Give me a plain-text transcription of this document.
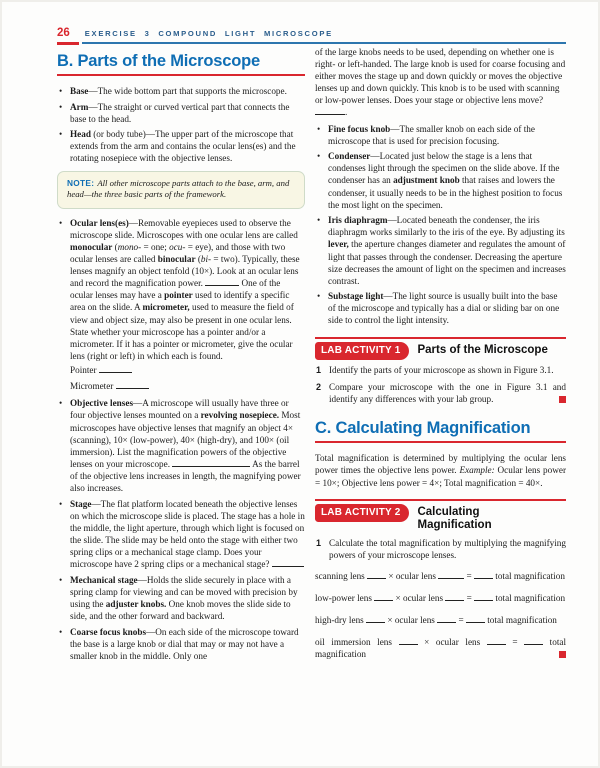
26 EXERCISE 3 COMPOUND LIGHT MICROSCOPE
B. Parts of the Microscope
• Base—The wide bottom part that supports the microscope.
• Arm—The straight or curved vertical part that connects the base to the head.
• Head (or body tube)—The upper part of the microscope that extends from the arm and contains the ocular lens(es) and the rotating nosepiece with the objective lenses.
NOTE: All other microscope parts attach to the base, arm, and head—the three basic parts of the framework.
• Ocular lens(es)—Removable eyepieces used to observe the microscope slide. Microscopes with one ocular lens are called monocular (mono- = one; ocu- = eye), and those with two ocular lenses are called binocular (bi- = two). Typically, these lenses magnify an object tenfold (10×). Look at an ocular lens and record the magnification power.	One of the ocular lenses may have a pointer used to identify a specific area on the slide. A micrometer, used to measure the field of view and object size, may also be present in one ocular lens. State whether your microscope has a pointer and/or a micrometer. If it has a pointer or micrometer, give the ocular lens (right or left) in which each is found.
Pointer
Micrometer
• Objective lenses—A microscope will usually have three or four objective lenses mounted on a revolving nosepiece. Most microscopes have objective lenses that magnify an object 4× (scanning), 10× (low-power), 40× (high-dry), and 100× (oil immersion). List the magnification powers of the objective lenses on your microscope.	As the barrel of the objective lens increases in length, the magnifying power also increases.
• Stage—The flat platform located beneath the objective lenses on which the microscope slide is placed. The stage has a hole in the middle, the light aperture, through which light is focused on the slide. The slide may be held onto the stage with either two spring clips or a mechanical stage clamp. Does your microscope have 2 spring clips or a mechanical stage?
• Mechanical stage—Holds the slide securely in place with a spring clamp for viewing and can be moved with precision by using the adjuster knobs. One knob moves the slide side to side, and the other forward and backward.
• Coarse focus knobs—On each side of the microscope toward the base is a large knob or dial that may or may not have a smaller knob in the middle. Only one

of the large knobs needs to be used, depending on whether one is right- or left-handed. The large knob is used for coarse focusing and either moves the stage up and down quickly or moves the objective lenses up and down quickly. This knob is to be used with scanning or low-power lenses. Does your stage or objective lens move? .

• Fine focus knob—The smaller knob on each side of the microscope that is used for precision focusing.
• Condenser—Located just below the stage is a lens that condenses light through the specimen on the slide above. If the condenser has an adjustment knob that raises and lowers the condenser, it usually needs to be in the highest position to focus the most light on the specimen.
• Iris diaphragm—Located beneath the condenser, the iris diaphragm works similarly to the iris of the eye. By adjusting its lever, the aperture changes diameter and regulates the amount of light that passes through the condenser. Decreasing the aperture size decreases the amount of light on the specimen and increases contrast.
• Substage light—The light source is usually built into the base of the microscope and typically has a dial or sliding bar on one side to control the light intensity.
LAB ACTIVITY 1	Parts of the Microscope
1 Identify the parts of your microscope as shown in Figure 3.1.
2 Compare your microscope with the one in Figure 3.1 and identify any differences with your lab group.
C. Calculating Magnification

Total magnification is determined by multiplying the ocular lens power times the objective lens power. Example: Ocular lens power = 10×; Objective lens power = 4×; Total magnification = 40×.

LAB ACTIVITY 2	Calculating Magnification
1 Calculate the total magnification by multiplying the magnifying powers of your microscope lenses.

scanning lens  × ocular lens	=  total magnification

low-power lens  × ocular lens  =  total magnification

high-dry lens  × ocular lens  =  total magnification

oil immersion lens  × ocular lens  =  total magnification
